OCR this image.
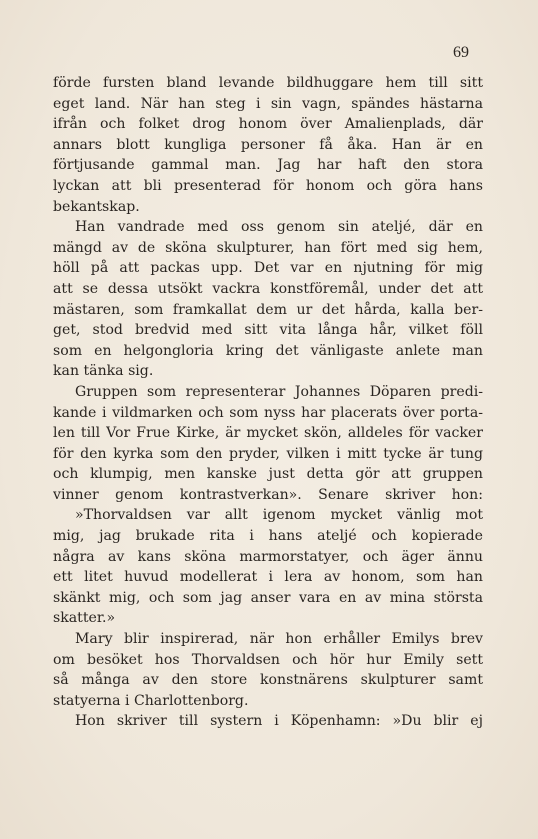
69
förde fursten bland levande bildhuggare hem till sitt
eget land. När han steg i sin vagn, spändes hästarna
ifrån och folket drog honom över Amalienplads, där
annars blott kungliga personer få åka. Han är en
förtjusande gammal man. Jag har haft den stora
lyckan att bli presenterad för honom och göra hans
bekantskap.
Han vandrade med oss genom sin ateljé, där en
mängd av de sköna skulpturer, han fört med sig hem,
höll på att packas upp. Det var en njutning för mig
att se dessa utsökt vackra konstföremål, under det att
mästaren, som framkallat dem ur det hårda, kalla ber-
get, stod bredvid med sitt vita långa hår, vilket föll
som en helgongloria kring det vänligaste anlete man
kan tänka sig.
Gruppen som representerar Johannes Döparen predi-
kande i vildmarken och som nyss har placerats över porta-
len till Vor Frue Kirke, är mycket skön, alldeles för vacker
för den kyrka som den pryder, vilken i mitt tycke är tung
och klumpig, men kanske just detta gör att gruppen
vinner genom kontrastverkan». Senare skriver hon:
»Thorvaldsen var allt igenom mycket vänlig mot
mig, jag brukade rita i hans ateljé och kopierade
några av kans sköna marmorstatyer, och äger ännu
ett litet huvud modellerat i lera av honom, som han
skänkt mig, och som jag anser vara en av mina största
skatter.»
Mary blir inspirerad, när hon erhåller Emilys brev
om besöket hos Thorvaldsen och hör hur Emily sett
så många av den store konstnärens skulpturer samt
statyerna i Charlottenborg.
Hon skriver till systern i Köpenhamn: »Du blir ej
